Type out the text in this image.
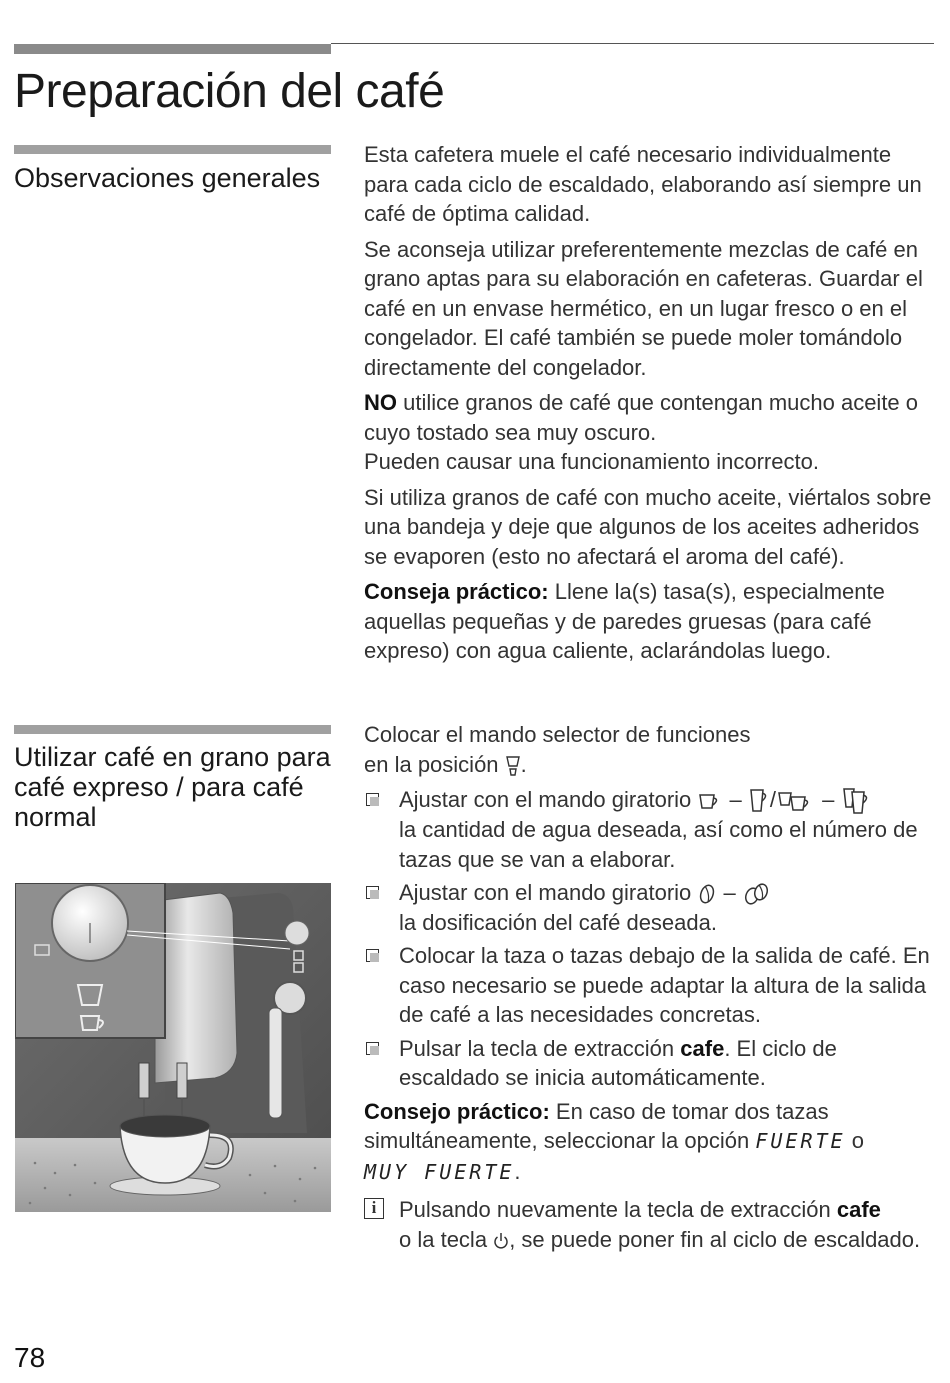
Preparación del café
Observaciones generales

Esta cafetera muele el café necesario individualmente para cada ciclo de escaldado, elaborando así siempre un café de óptima calidad.

Se aconseja utilizar preferentemente mezclas de café en grano aptas para su elaboración en cafeteras. Guardar el café en un envase hermético, en un lugar fresco o en el congelador. El café también se puede moler tomándolo directamente del congelador.

NO utilice granos de café que contengan mucho aceite o cuyo tostado sea muy oscuro.
Pueden causar una funcionamiento incorrecto.

Si utiliza granos de café con mucho aceite, viértalos sobre una bandeja y deje que algunos de los aceites adheridos se evaporen (esto no afectará el aroma del café).

Conseja práctico: Llene la(s) tasa(s), especialmente aquellas pequeñas y de paredes gruesas (para café expreso) con agua caliente, aclarándolas luego.

Utilizar café en grano para café expreso / para café normal

Colocar el mando selector de funciones
en la posición .

Ajustar con el mando giratorio – / –
la cantidad de agua deseada, así como el número de tazas que se van a elaborar.
Ajustar con el mando giratorio –
la dosificación del café deseada.
Colocar la taza o tazas debajo de la salida de café. En caso necesario se puede adaptar la altura de la salida de café a las necesidades concretas.
Pulsar la tecla de extracción cafe. El ciclo de escaldado se inicia automáticamente.

Consejo práctico: En caso de tomar dos tazas simultáneamente, seleccionar la opción FUERTE o
MUY FUERTE.

i	Pulsando nuevamente la tecla de extracción cafe
o la tecla , se puede poner fin al ciclo de escaldado.
78
